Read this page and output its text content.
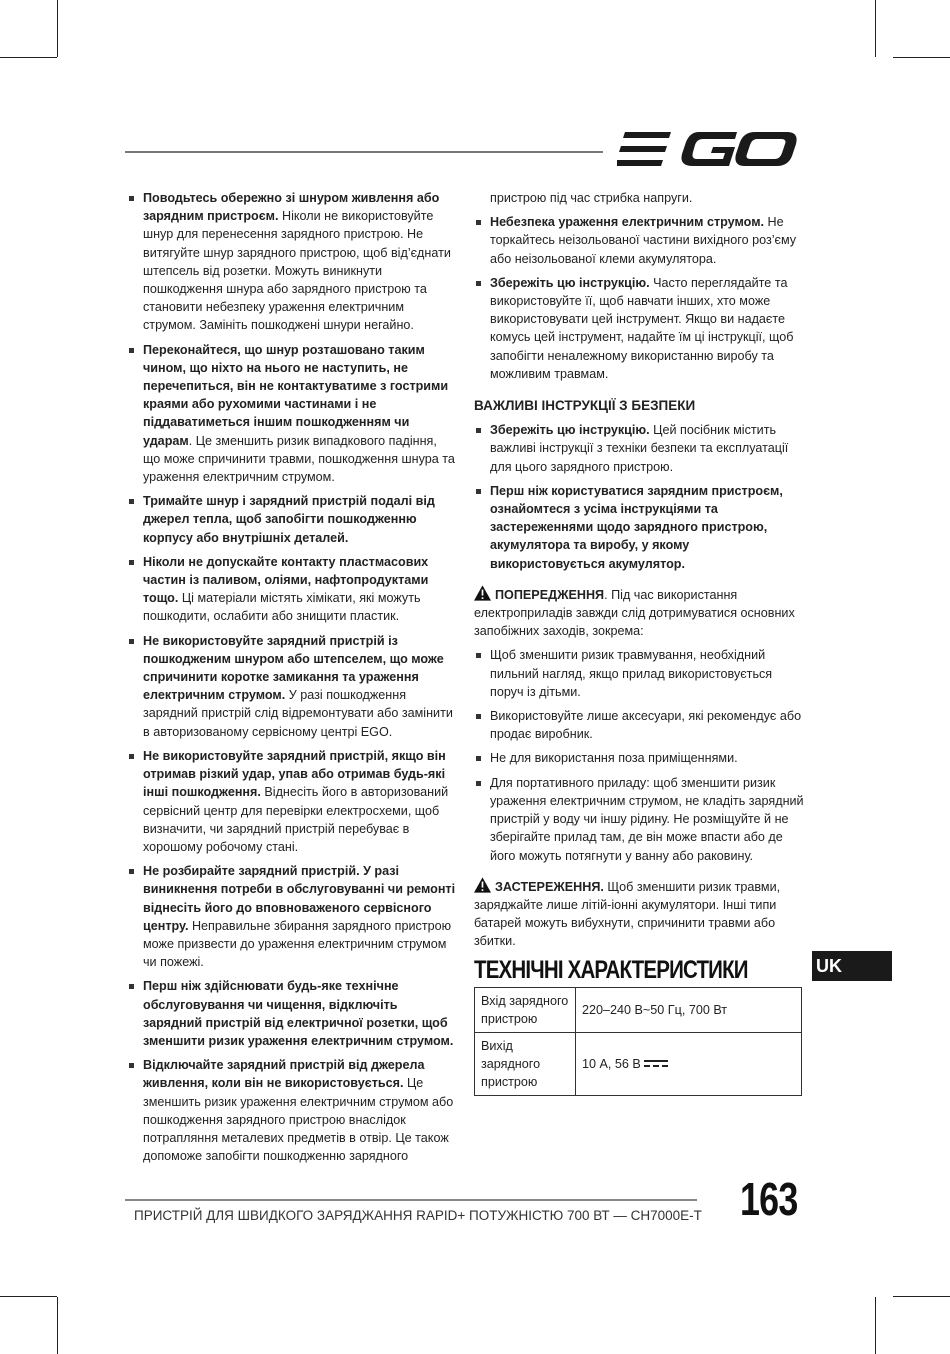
Поводьтесь обережно зі шнуром живлення або зарядним пристроєм. Ніколи не використовуйте шнур для перенесення зарядного пристрою. Не витягуйте шнур зарядного пристрою, щоб від’єднати штепсель від розетки. Можуть виникнути пошкодження шнура або зарядного пристрою та становити небезпеку ураження електричним струмом. Замініть пошкоджені шнури негайно.
Переконайтеся, що шнур розташовано таким чином, що ніхто на нього не наступить, не перечепиться, він не контактуватиме з гострими краями або рухомими частинами і не піддаватиметься іншим пошкодженням чи ударам. Це зменшить ризик випадкового падіння, що може спричинити травми, пошкодження шнура та ураження електричним струмом.
Тримайте шнур і зарядний пристрій подалі від джерел тепла, щоб запобігти пошкодженню корпусу або внутрішніх деталей.
Ніколи не допускайте контакту пластмасових частин із паливом, оліями, нафтопродуктами тощо. Ці матеріали містять хімікати, які можуть пошкодити, ослабити або знищити пластик.
Не використовуйте зарядний пристрій із пошкодженим шнуром або штепселем, що може спричинити коротке замикання та ураження електричним струмом. У разі пошкодження зарядний пристрій слід відремонтувати або замінити в авторизованому сервісному центрі EGO.
Не використовуйте зарядний пристрій, якщо він отримав різкий удар, упав або отримав будь-які інші пошкодження. Віднесіть його в авторизований сервісний центр для перевірки електросхеми, щоб визначити, чи зарядний пристрій перебуває в хорошому робочому стані.
Не розбирайте зарядний пристрій. У разі виникнення потреби в обслуговуванні чи ремонті віднесіть його до вповноваженого сервісного центру. Неправильне збирання зарядного пристрою може призвести до ураження електричним струмом чи пожежі.
Перш ніж здійснювати будь-яке технічне обслуговування чи чищення, відключіть зарядний пристрій від електричної розетки, щоб зменшити ризик ураження електричним струмом.
Відключайте зарядний пристрій від джерела живлення, коли він не використовується. Це зменшить ризик ураження електричним струмом або пошкодження зарядного пристрою внаслідок потрапляння металевих предметів в отвір. Це також допоможе запобігти пошкодженню зарядного
пристрою під час стрибка напруги.
Небезпека ураження електричним струмом. Не торкайтесь неізольованої частини вихідного роз’єму або неізольованої клеми акумулятора.
Збережіть цю інструкцію. Часто переглядайте та використовуйте її, щоб навчати інших, хто може використовувати цей інструмент. Якщо ви надаєте комусь цей інструмент, надайте їм ці інструкції, щоб запобігти неналежному використанню виробу та можливим травмам.
ВАЖЛИВІ ІНСТРУКЦІЇ З БЕЗПЕКИ
Збережіть цю інструкцію. Цей посібник містить важливі інструкції з техніки безпеки та експлуатації для цього зарядного пристрою.
Перш ніж користуватися зарядним пристроєм, ознайомтеся з усіма інструкціями та застереженнями щодо зарядного пристрою, акумулятора та виробу, у якому використовується акумулятор.
ПОПЕРЕДЖЕННЯ. Під час використання електроприладів завжди слід дотримуватися основних запобіжних заходів, зокрема:
Щоб зменшити ризик травмування, необхідний пильний нагляд, якщо прилад використовується поруч із дітьми.
Використовуйте лише аксесуари, які рекомендує або продає виробник.
Не для використання поза приміщеннями.
Для портативного приладу: щоб зменшити ризик ураження електричним струмом, не кладіть зарядний пристрій у воду чи іншу рідину. Не розміщуйте й не зберігайте прилад там, де він може впасти або де його можуть потягнути у ванну або раковину.
ЗАСТЕРЕЖЕННЯ. Щоб зменшити ризик травми, заряджайте лише літій-іонні акумулятори. Інші типи батарей можуть вибухнути, спричинити травми або збитки.
ТЕХНІЧНІ ХАРАКТЕРИСТИКИ
Вхід зарядного пристрою	220–240 В~50 Гц, 700 Вт
Вихід зарядного пристрою	10 А, 56 В
UK
ПРИСТРІЙ ДЛЯ ШВИДКОГО ЗАРЯДЖАННЯ RAPID+ ПОТУЖНІСТЮ 700 ВТ — CH7000E-T 163
